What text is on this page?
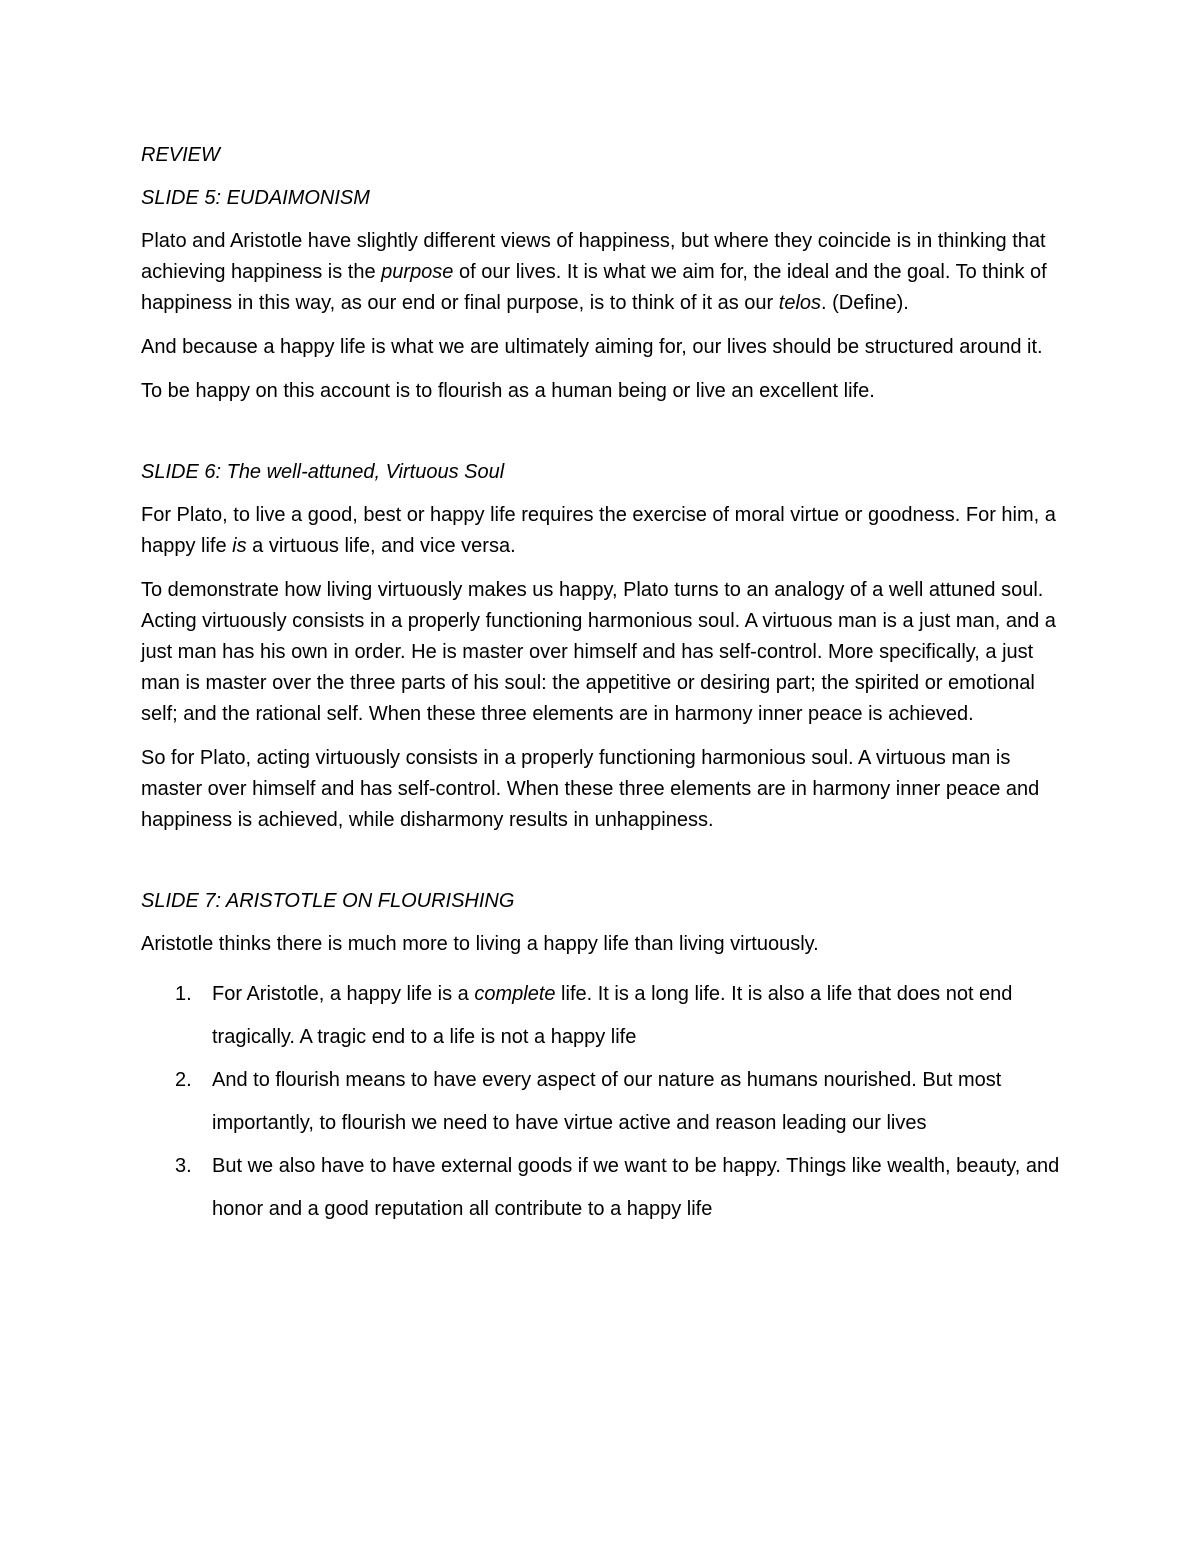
REVIEW

SLIDE 5: EUDAIMONISM

Plato and Aristotle have slightly different views of happiness, but where they coincide is in thinking that achieving happiness is the purpose of our lives. It is what we aim for, the ideal and the goal. To think of happiness in this way, as our end or final purpose, is to think of it as our telos. (Define).

And because a happy life is what we are ultimately aiming for, our lives should be structured around it.

To be happy on this account is to flourish as a human being or live an excellent life.

SLIDE 6: The well-attuned, Virtuous Soul

For Plato, to live a good, best or happy life requires the exercise of moral virtue or goodness. For him, a happy life is a virtuous life, and vice versa.

To demonstrate how living virtuously makes us happy, Plato turns to an analogy of a well attuned soul. Acting virtuously consists in a properly functioning harmonious soul. A virtuous man is a just man, and a just man has his own in order. He is master over himself and has self-control. More specifically, a just man is master over the three parts of his soul: the appetitive or desiring part; the spirited or emotional self; and the rational self. When these three elements are in harmony inner peace is achieved.

So for Plato, acting virtuously consists in a properly functioning harmonious soul. A virtuous man is master over himself and has self-control. When these three elements are in harmony inner peace and happiness is achieved, while disharmony results in unhappiness.

SLIDE 7: ARISTOTLE ON FLOURISHING

Aristotle thinks there is much more to living a happy life than living virtuously.

1. For Aristotle, a happy life is a complete life. It is a long life. It is also a life that does not end tragically. A tragic end to a life is not a happy life
2. And to flourish means to have every aspect of our nature as humans nourished. But most importantly, to flourish we need to have virtue active and reason leading our lives
3. But we also have to have external goods if we want to be happy. Things like wealth, beauty, and honor and a good reputation all contribute to a happy life
